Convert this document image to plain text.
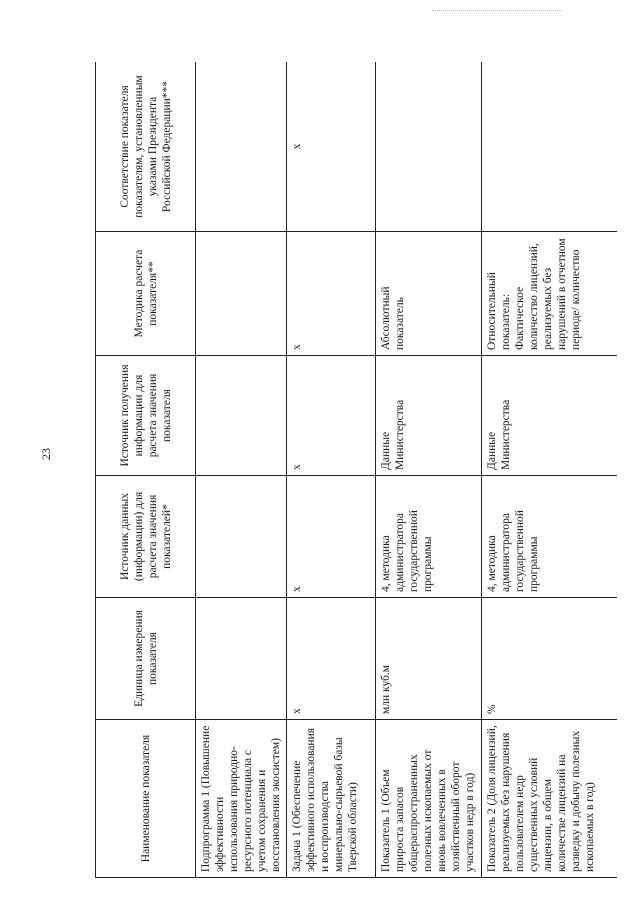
23
Наименование показателя	Единица измерения показателя	Источник данных (информации) для расчета значения показателей*	Источник получения информации для расчета значения показателя	Методика расчета показателя**	Соответствие показателя показателям, установленным указами Президента Российской Федерации***
Подпрограмма 1 (Повышение эффективности использования природно-ресурсного потенциала с учетом сохранения и восстановления экосистем)					
Задача 1 (Обеспечение эффективного использования и воспроизводства минерально-сырьевой базы Тверской области)	х	х	х	х	х
Показатель 1 (Объем прироста запасов общераспространенных полезных ископаемых от вновь вовлеченных в хозяйственный оборот участков недр в год)	млн куб.м	4, методика администратора государственной программы	Данные Министерства	Абсолютный показатель	
Показатель 2 (Доля лицензий, реализуемых без нарушения пользователем недр существенных условий лицензии, в общем количестве лицензий на разведку и добычу полезных ископаемых в год)	%	4, методика администратора государственной программы	Данные Министерства	Относительный показатель: Фактическое количество лицензий, реализуемых без нарушений в отчетном периоде/ количество	
